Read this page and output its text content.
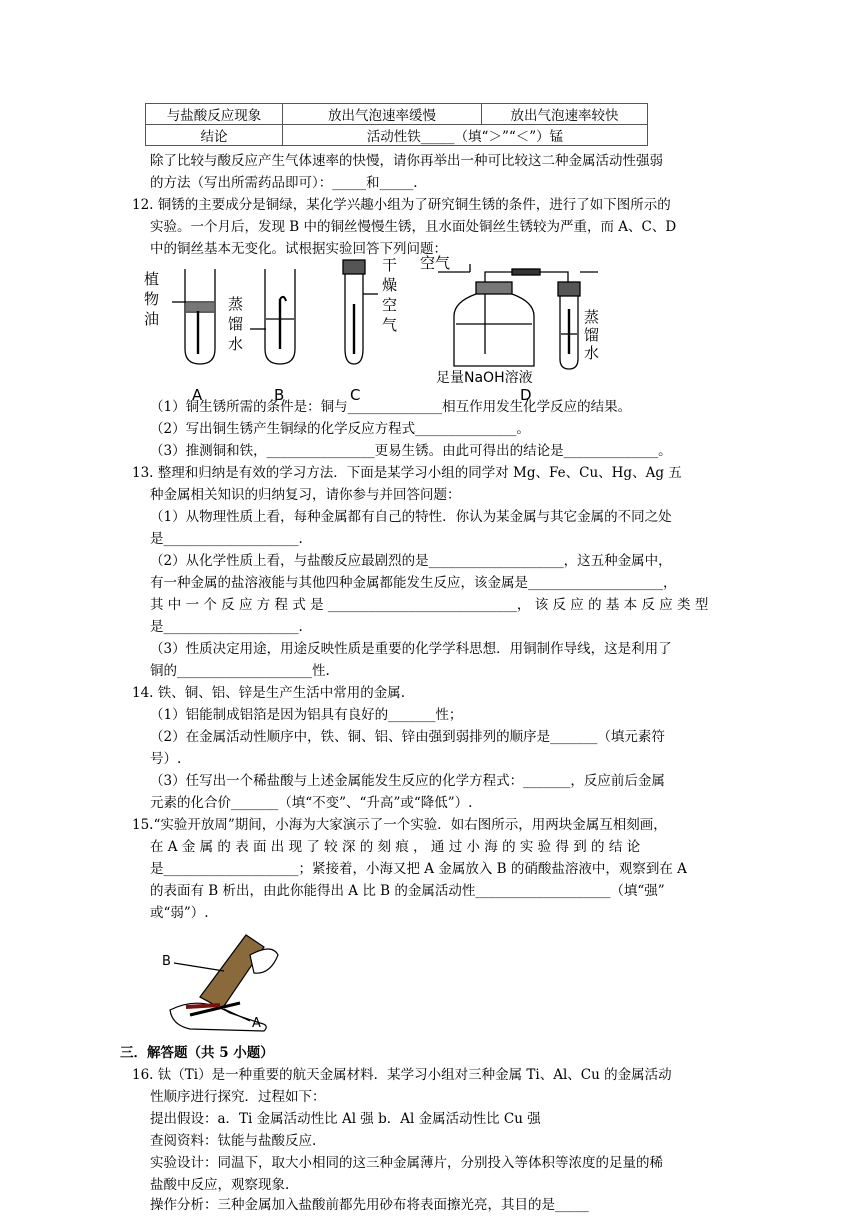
与盐酸反应现象	放出气泡速率缓慢	放出气泡速率较快
结论	活动性铁_____（填“＞”“＜”）锰	
除了比较与酸反应产生气体速率的快慢，请你再举出一种可比较这二种金属活动性强弱
的方法（写出所需药品即可）：_____和_____.
12. 铜锈的主要成分是铜绿，某化学兴趣小组为了研究铜生锈的条件，进行了如下图所示的
实验。一个月后，发现 B 中的铜丝慢慢生锈，且水面处铜丝生锈较为严重，而 A、C、D
中的铜丝基本无变化。试根据实验回答下列问题：
植
物
油
蒸
馏
水
干
燥
空
气
空气
蒸
馏
水
足量NaOH溶液
A	B	C	D
（1）铜生锈所需的条件是：铜与______________相互作用发生化学反应的结果。
（2）写出铜生锈产生铜绿的化学反应方程式_______________。
（3）推测铜和铁，________________更易生锈。由此可得出的结论是______________。
13. 整理和归纳是有效的学习方法．下面是某学习小组的同学对 Mg、Fe、Cu、Hg、Ag 五
种金属相关知识的归纳复习，请你参与并回答问题：
（1）从物理性质上看，每种金属都有自己的特性．你认为某金属与其它金属的不同之处
是____________________.
（2）从化学性质上看，与盐酸反应最剧烈的是____________________，这五种金属中，
有一种金属的盐溶液能与其他四种金属都能发生反应，该金属是____________________，
其 中 一 个 反 应 方 程 式 是 ____________________________， 该 反 应 的 基 本 反 应 类 型
是____________________.
（3）性质决定用途，用途反映性质是重要的化学学科思想．用铜制作导线，这是利用了
铜的____________________性.
14. 铁、铜、铝、锌是生产生活中常用的金属.
（1）铝能制成铝箔是因为铝具有良好的_______性；
（2）在金属活动性顺序中，铁、铜、铝、锌由强到弱排列的顺序是_______（填元素符
号）.
（3）任写出一个稀盐酸与上述金属能发生反应的化学方程式：_______，反应前后金属
元素的化合价_______（填“不变”、“升高”或“降低”）.
15.“实验开放周”期间，小海为大家演示了一个实验．如右图所示，用两块金属互相刻画，
在 A 金 属 的 表 面 出 现 了 较 深 的 刻 痕 ， 通 过 小 海 的 实 验 得 到 的 结 论
是____________________；紧接着，小海又把 A 金属放入 B 的硝酸盐溶液中，观察到在 A
的表面有 B 析出，由此你能得出 A 比 B 的金属活动性____________________（填“强”
或“弱”）.
B
A
三．解答题（共 5 小题）
16. 钛（Ti）是一种重要的航天金属材料．某学习小组对三种金属 Ti、Al、Cu 的金属活动
性顺序进行探究．过程如下：
提出假设：a．Ti 金属活动性比 Al 强 b．Al 金属活动性比 Cu 强
查阅资料：钛能与盐酸反应.
实验设计：同温下，取大小相同的这三种金属薄片，分别投入等体积等浓度的足量的稀
盐酸中反应，观察现象.
操作分析：三种金属加入盐酸前都先用砂布将表面擦光亮，其目的是_____
